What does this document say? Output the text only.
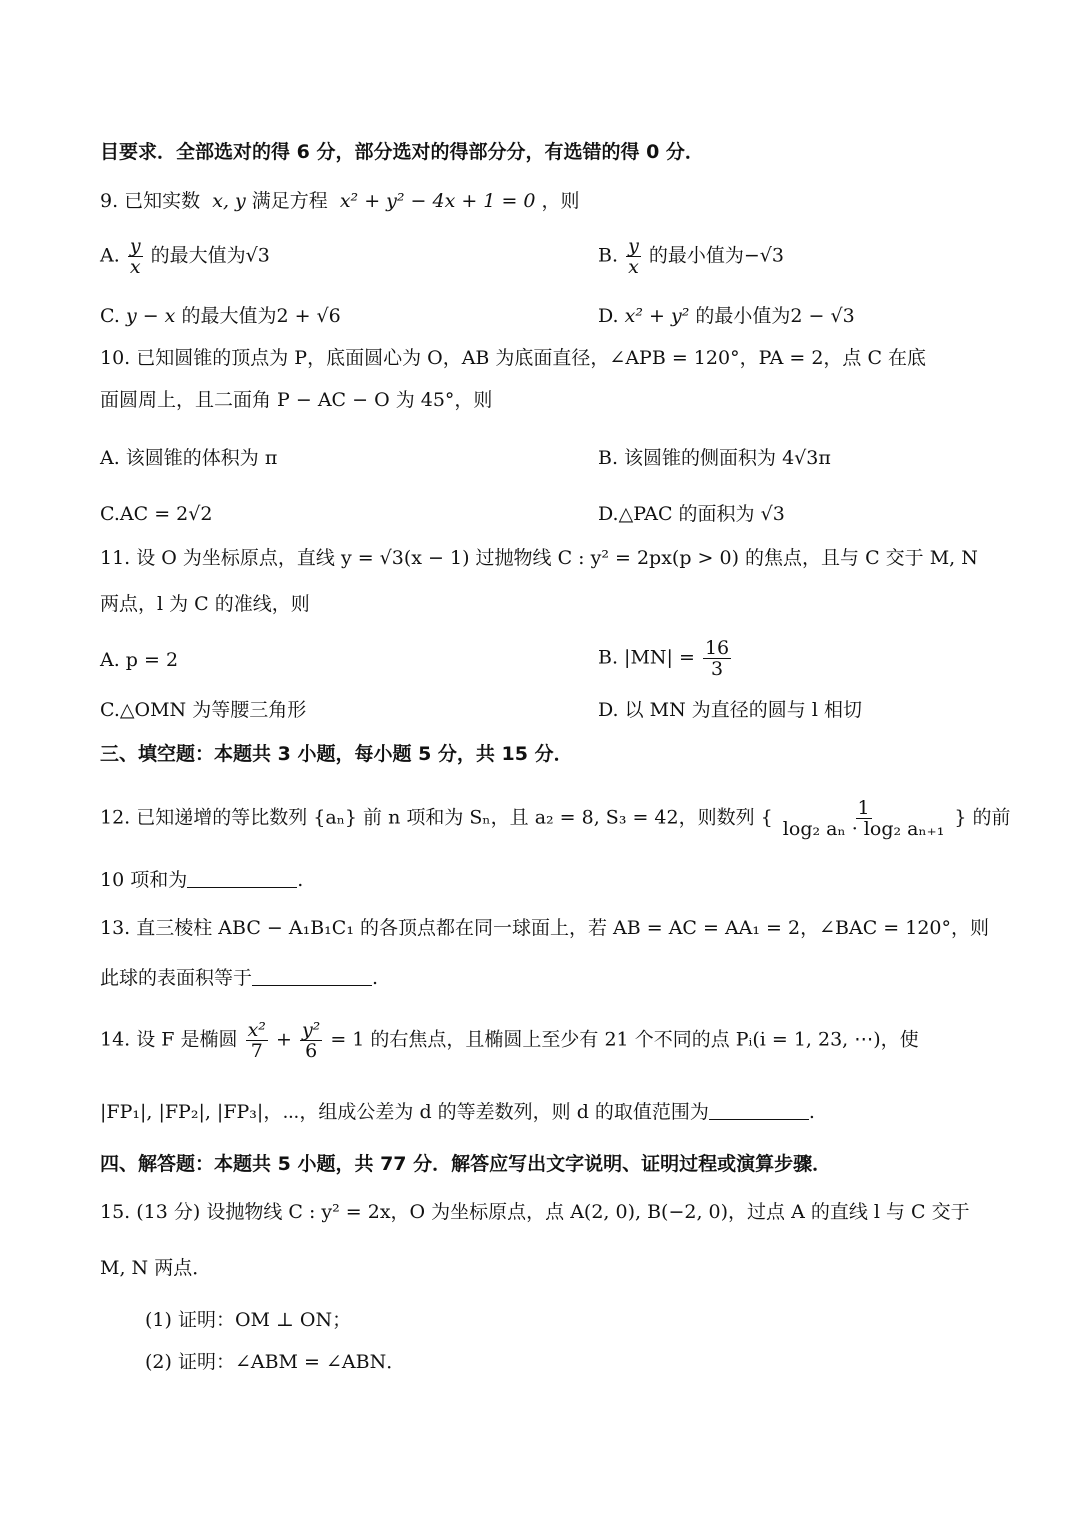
目要求．全部选对的得 6 分，部分选对的得部分分，有选错的得 0 分．
9. 已知实数 x, y 满足方程 x² + y² − 4x + 1 = 0 ，则
A. $\frac{y}{x}$ 的最大值为√3	B. $\frac{y}{x}$ 的最小值为−√3
C. y − x 的最大值为2 + √6	D. x² + y² 的最小值为2 − √3
10. 已知圆锥的顶点为 P，底面圆心为 O，AB 为底面直径，∠APB = 120°，PA = 2，点 C 在底
面圆周上，且二面角 P − AC − O 为 45°，则
A. 该圆锥的体积为 π	B. 该圆锥的侧面积为 4√3π
C.AC = 2√2	D.△PAC 的面积为 √3
11. 设 O 为坐标原点，直线 y = √3(x − 1) 过抛物线 C : y² = 2px(p > 0) 的焦点，且与 C 交于 M, N
两点，l 为 C 的准线，则
A. p = 2	B. $|MN| = \frac{16}{3}$
C.△OMN 为等腰三角形	D. 以 MN 为直径的圆与 l 相切
三、填空题：本题共 3 小题，每小题 5 分，共 15 分．
12. 已知递增的等比数列 {aₙ} 前 n 项和为 Sₙ，且 a₂ = 8, S₃ = 42，则数列 { $\frac{1}{\text{log₂ aₙ · log₂ aₙ₊₁}}$ } 的前
10 项和为	.
13. 直三棱柱 ABC − A₁B₁C₁ 的各顶点都在同一球面上，若 AB = AC = AA₁ = 2，∠BAC = 120°，则
此球的表面积等于	.
14. 设 F 是椭圆 $\frac{\text{x²}}{7} + \frac{\text{y²}}{6} = 1$ 的右焦点，且椭圆上至少有 21 个不同的点 Pᵢ(i = 1, 23, ⋯)，使
|FP₁|, |FP₂|, |FP₃|，⋯，组成公差为 d 的等差数列，则 d 的取值范围为	.
四、解答题：本题共 5 小题，共 77 分．解答应写出文字说明、证明过程或演算步骤．
15. (13 分) 设抛物线 C : y² = 2x，O 为坐标原点，点 A(2, 0), B(−2, 0)，过点 A 的直线 l 与 C 交于
M, N 两点．
(1) 证明：OM ⊥ ON；
(2) 证明：∠ABM = ∠ABN．
